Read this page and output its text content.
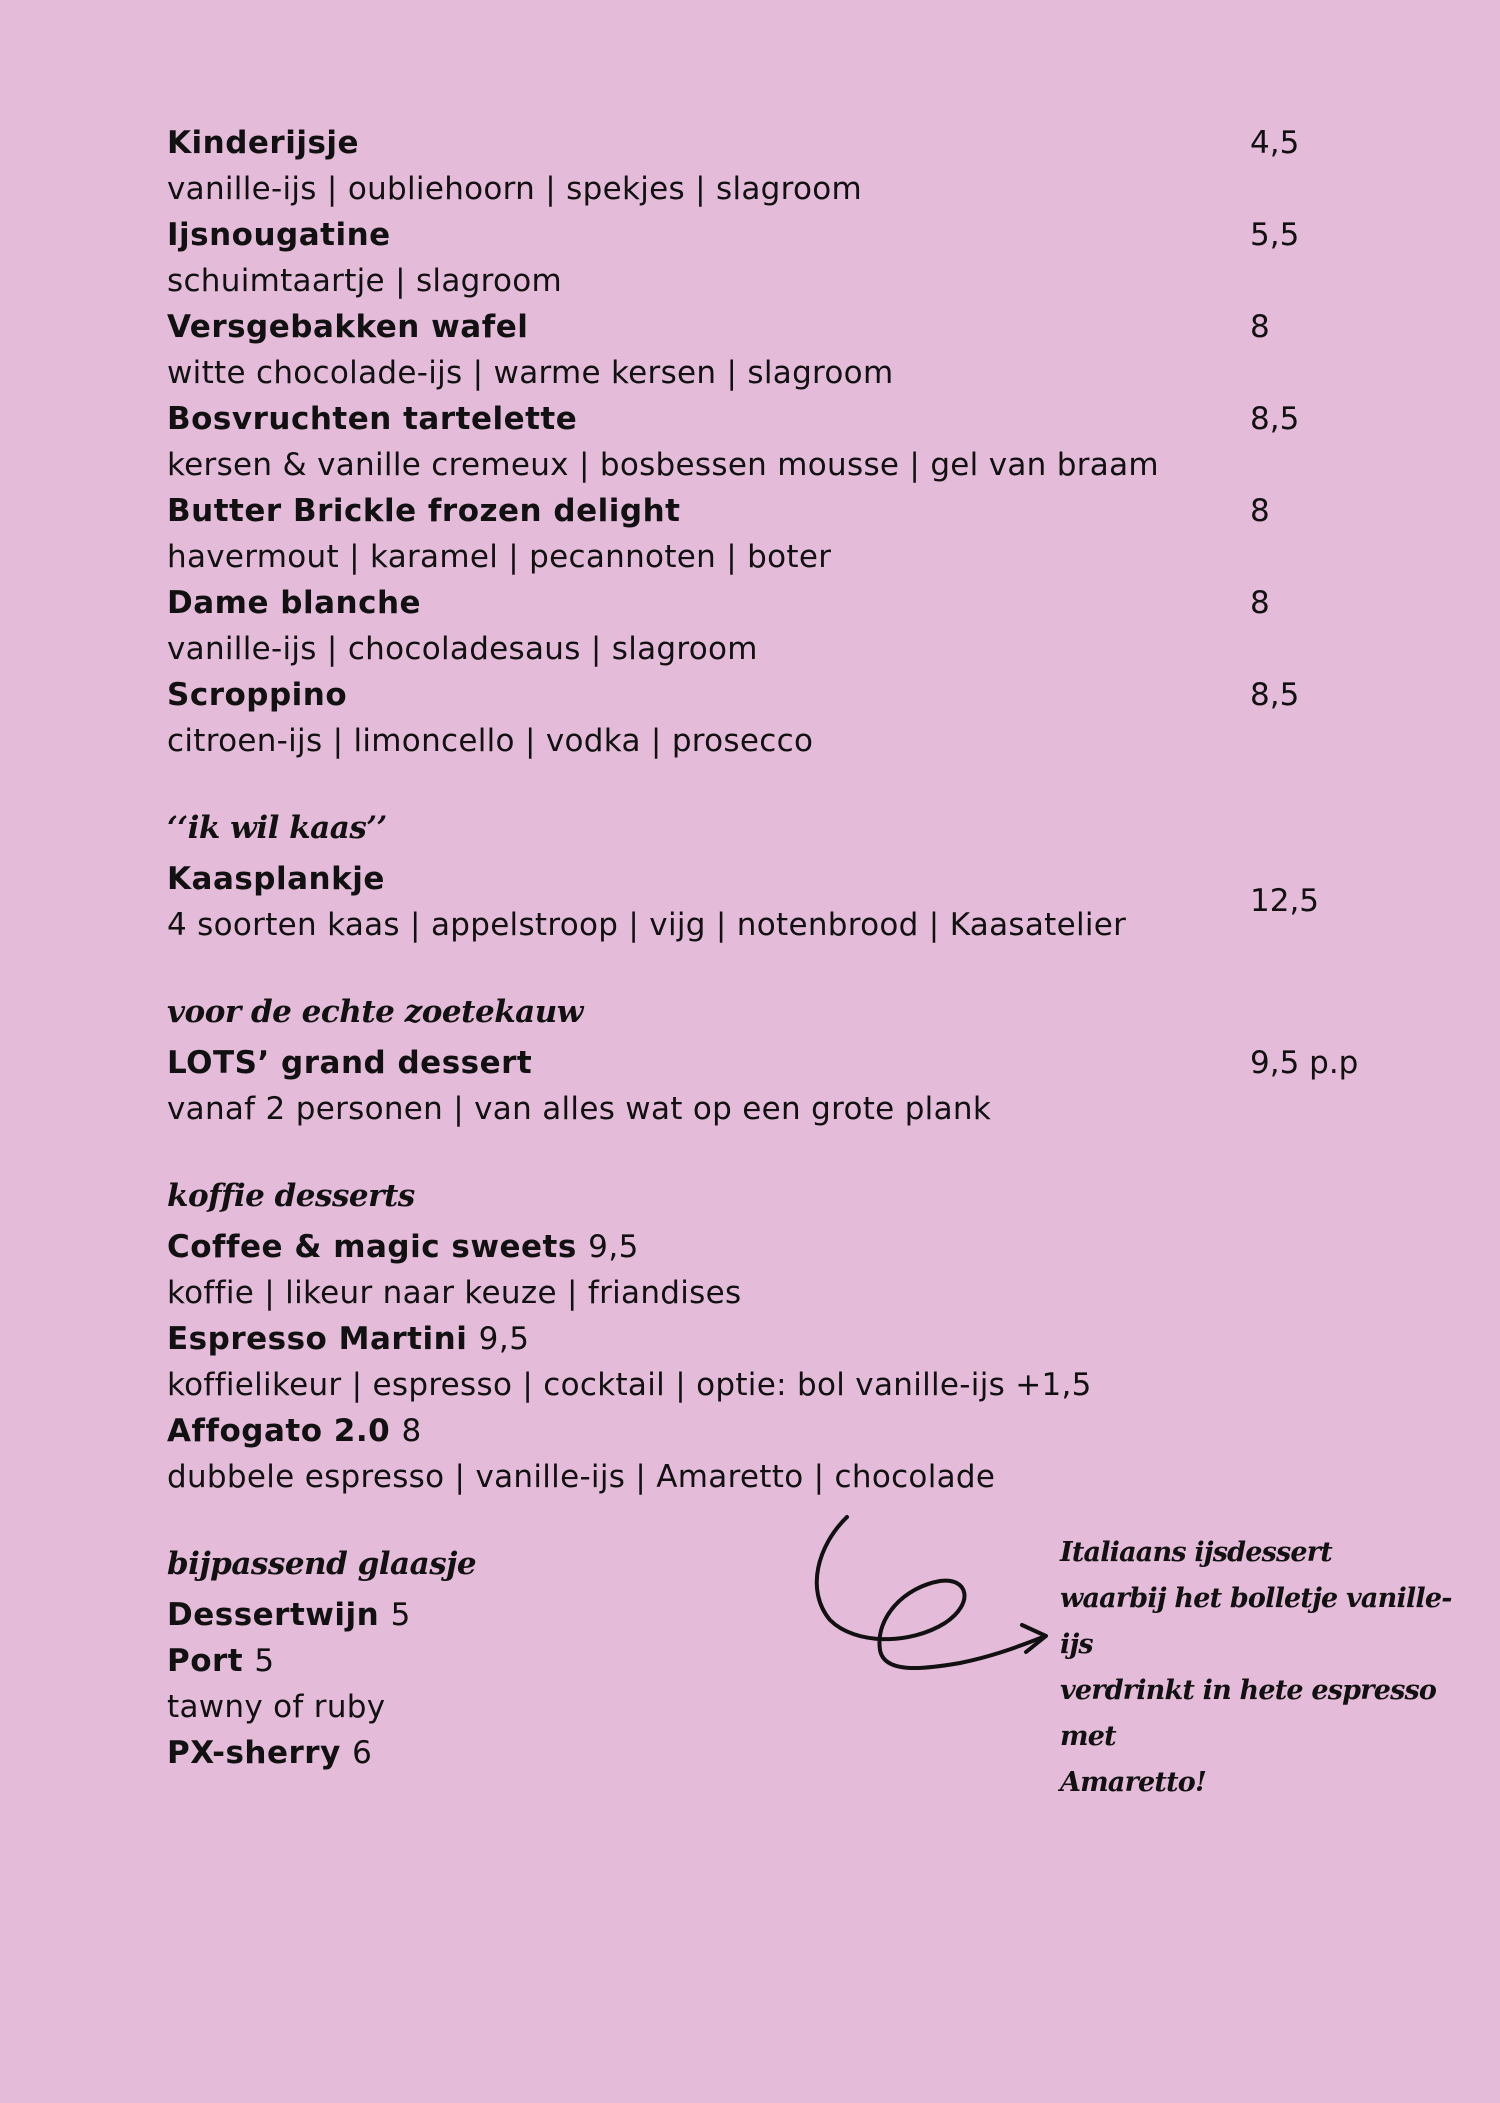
Kinderijsje
vanille-ijs | oubliehoorn | spekjes | slagroom
4,5
Ijsnougatine
schuimtaartje | slagroom
5,5
Versgebakken wafel
witte chocolade-ijs | warme kersen | slagroom
8
Bosvruchten tartelette
kersen & vanille cremeux | bosbessen mousse | gel van braam
8,5
Butter Brickle frozen delight
havermout | karamel | pecannoten | boter
8
Dame blanche
vanille-ijs | chocoladesaus | slagroom
8
Scroppino
citroen-ijs | limoncello | vodka | prosecco
8,5
‘‘ik wil kaas’’
Kaasplankje
4 soorten kaas | appelstroop | vijg | notenbrood | Kaasatelier
12,5
voor de echte zoetekauw
LOTS’ grand dessert
vanaf 2 personen | van alles wat op een grote plank
9,5 p.p
koffie desserts
Coffee & magic sweets 9,5
koffie | likeur naar keuze | friandises
Espresso Martini 9,5
koffielikeur | espresso | cocktail | optie: bol vanille-ijs +1,5
Affogato 2.0 8
dubbele espresso | vanille-ijs | Amaretto | chocolade
bijpassend glaasje
Dessertwijn 5
Port 5
tawny of ruby
PX-sherry 6
Italiaans ijsdessert
waarbij het bolletje vanille-ijs
verdrinkt in hete espresso met
Amaretto!
